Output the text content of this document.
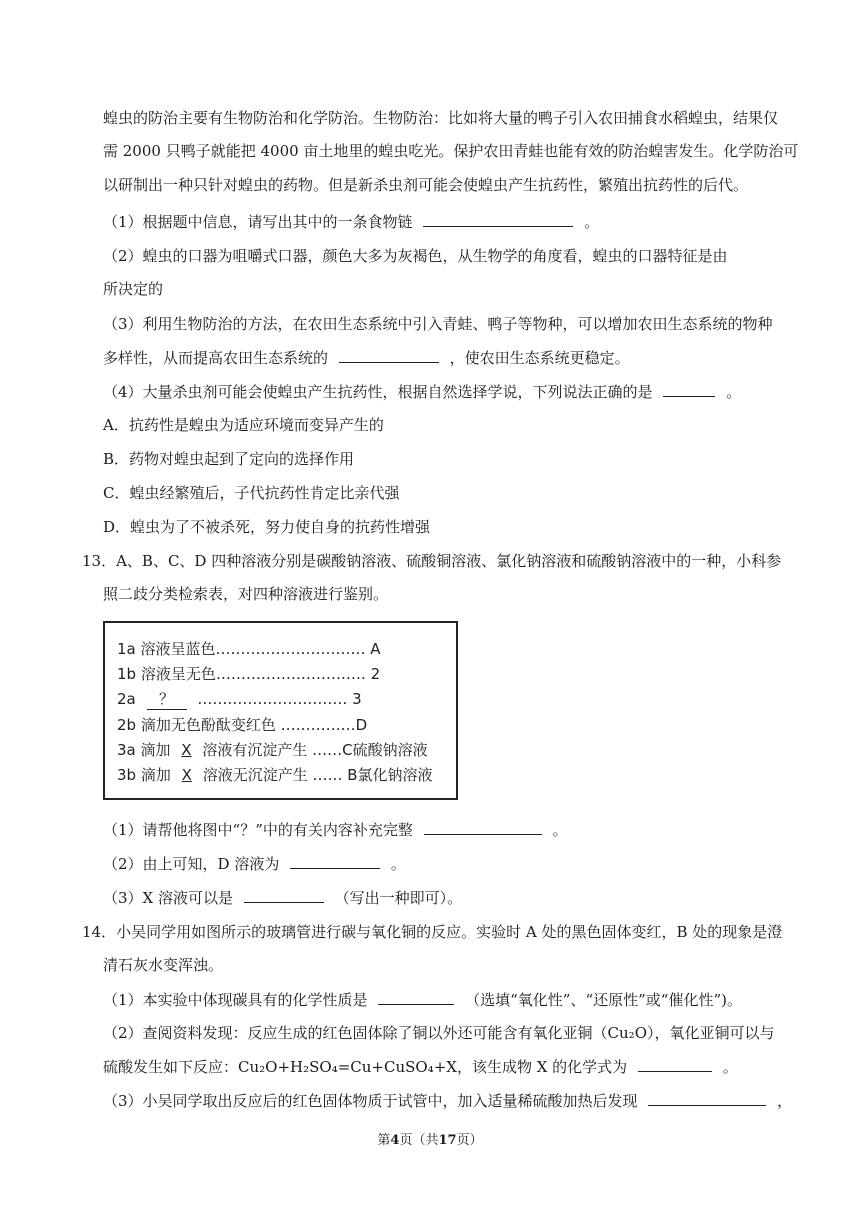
蝗虫的防治主要有生物防治和化学防治。生物防治：比如将大量的鸭子引入农田捕食水稻蝗虫，结果仅
需 2000 只鸭子就能把 4000 亩土地里的蝗虫吃光。保护农田青蛙也能有效的防治蝗害发生。化学防治可
以研制出一种只针对蝗虫的药物。但是新杀虫剂可能会使蝗虫产生抗药性，繁殖出抗药性的后代。
（1）根据题中信息，请写出其中的一条食物链	。
（2）蝗虫的口器为咀嚼式口器，颜色大多为灰褐色，从生物学的角度看，蝗虫的口器特征是由
所决定的
（3）利用生物防治的方法，在农田生态系统中引入青蛙、鸭子等物种，可以增加农田生态系统的物种
多样性，从而提高农田生态系统的	，使农田生态系统更稳定。
（4）大量杀虫剂可能会使蝗虫产生抗药性，根据自然选择学说，下列说法正确的是	。
A．抗药性是蝗虫为适应环境而变异产生的
B．药物对蝗虫起到了定向的选择作用
C．蝗虫经繁殖后，子代抗药性肯定比亲代强
D．蝗虫为了不被杀死，努力使自身的抗药性增强
13．A、B、C、D 四种溶液分别是碳酸钠溶液、硫酸铜溶液、氯化钠溶液和硫酸钠溶液中的一种，小科参
照二歧分类检索表，对四种溶液进行鉴别。
1a 溶液呈蓝色………………………… A
1b 溶液呈无色………………………… 2
2a ？ ………………………… 3
2b 滴加无色酚酞变红色 ……………D
3a 滴加 X 溶液有沉淀产生 ……C硫酸钠溶液
3b 滴加 X 溶液无沉淀产生 …… B氯化钠溶液
（1）请帮他将图中“？”中的有关内容补充完整	。
（2）由上可知，D 溶液为	。
（3）X 溶液可以是	（写出一种即可）。
14．小吴同学用如图所示的玻璃管进行碳与氧化铜的反应。实验时 A 处的黑色固体变红，B 处的现象是澄
清石灰水变浑浊。
（1）本实验中体现碳具有的化学性质是	（选填“氧化性”、“还原性”或“催化性”)。
（2）查阅资料发现：反应生成的红色固体除了铜以外还可能含有氧化亚铜（Cu₂O），氧化亚铜可以与
硫酸发生如下反应：Cu₂O+H₂SO₄=Cu+CuSO₄+X，该生成物 X 的化学式为	。
（3）小吴同学取出反应后的红色固体物质于试管中，加入适量稀硫酸加热后发现	，
第4页（共17页）
